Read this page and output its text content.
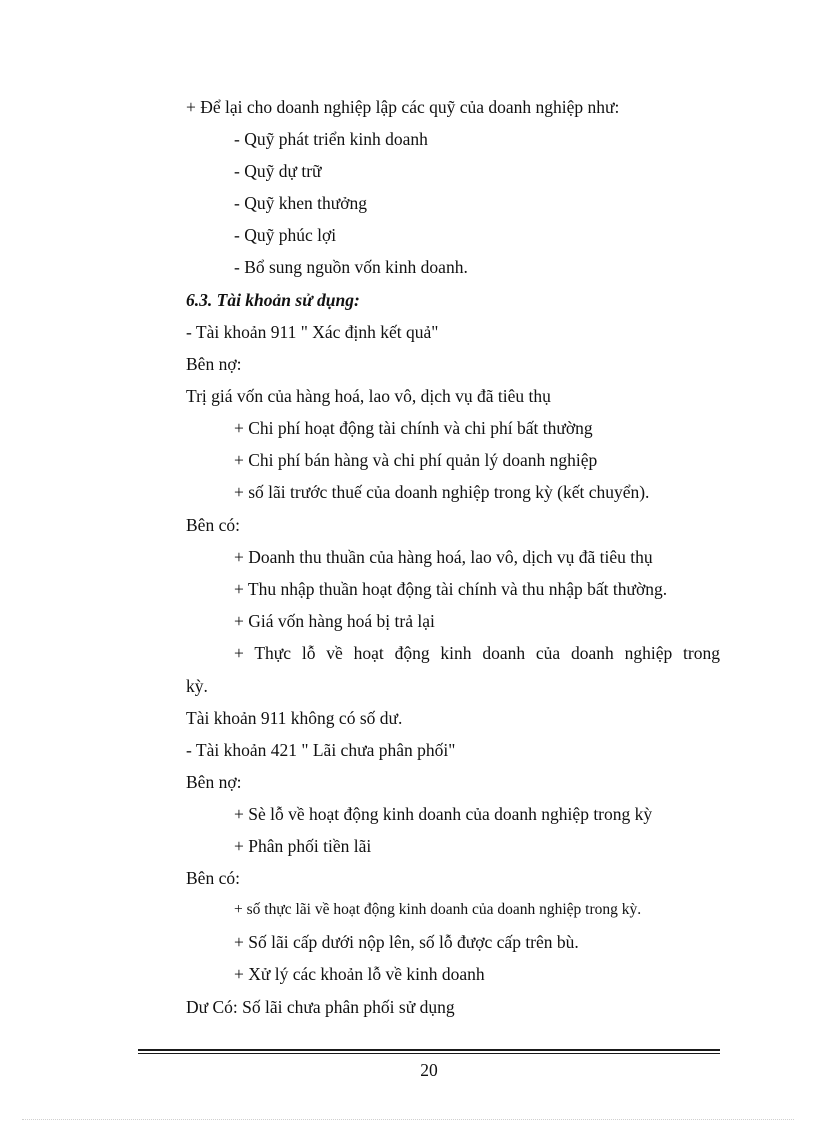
+ Để lại cho doanh nghiệp lập các quỹ của doanh nghiệp như:
- Quỹ phát triển kinh doanh
- Quỹ dự trữ
- Quỹ khen thưởng
- Quỹ phúc lợi
- Bổ sung nguồn vốn kinh doanh.
6.3. Tài khoản sử dụng:
- Tài khoản 911 " Xác định kết quả"
Bên nợ:
Trị giá vốn của hàng hoá, lao vô, dịch vụ đã tiêu thụ
+ Chi phí hoạt động tài chính và chi phí bất thường
+ Chi phí bán hàng và chi phí quản lý doanh nghiệp
+ số lãi trước thuế của doanh nghiệp trong kỳ (kết chuyển).
Bên có:
+ Doanh thu thuần của hàng hoá, lao vô, dịch vụ đã tiêu thụ
+ Thu nhập thuần hoạt động tài chính và thu nhập bất thường.
+ Giá vốn hàng hoá bị trả lại
+ Thực lỗ về hoạt động kinh doanh của doanh nghiệp trong
kỳ.
Tài khoản 911 không có số dư.
- Tài khoản 421 " Lãi chưa phân phối"
Bên nợ:
+ Sè lỗ về hoạt động kinh doanh của doanh nghiệp trong kỳ
+ Phân phối tiền lãi
Bên có:
+ số thực lãi về hoạt động kinh doanh của doanh nghiệp trong kỳ.
+ Số lãi cấp dưới nộp lên, số lỗ được cấp trên bù.
+ Xử lý các khoản lỗ về kinh doanh
Dư Có: Số lãi chưa phân phối sử dụng
20
